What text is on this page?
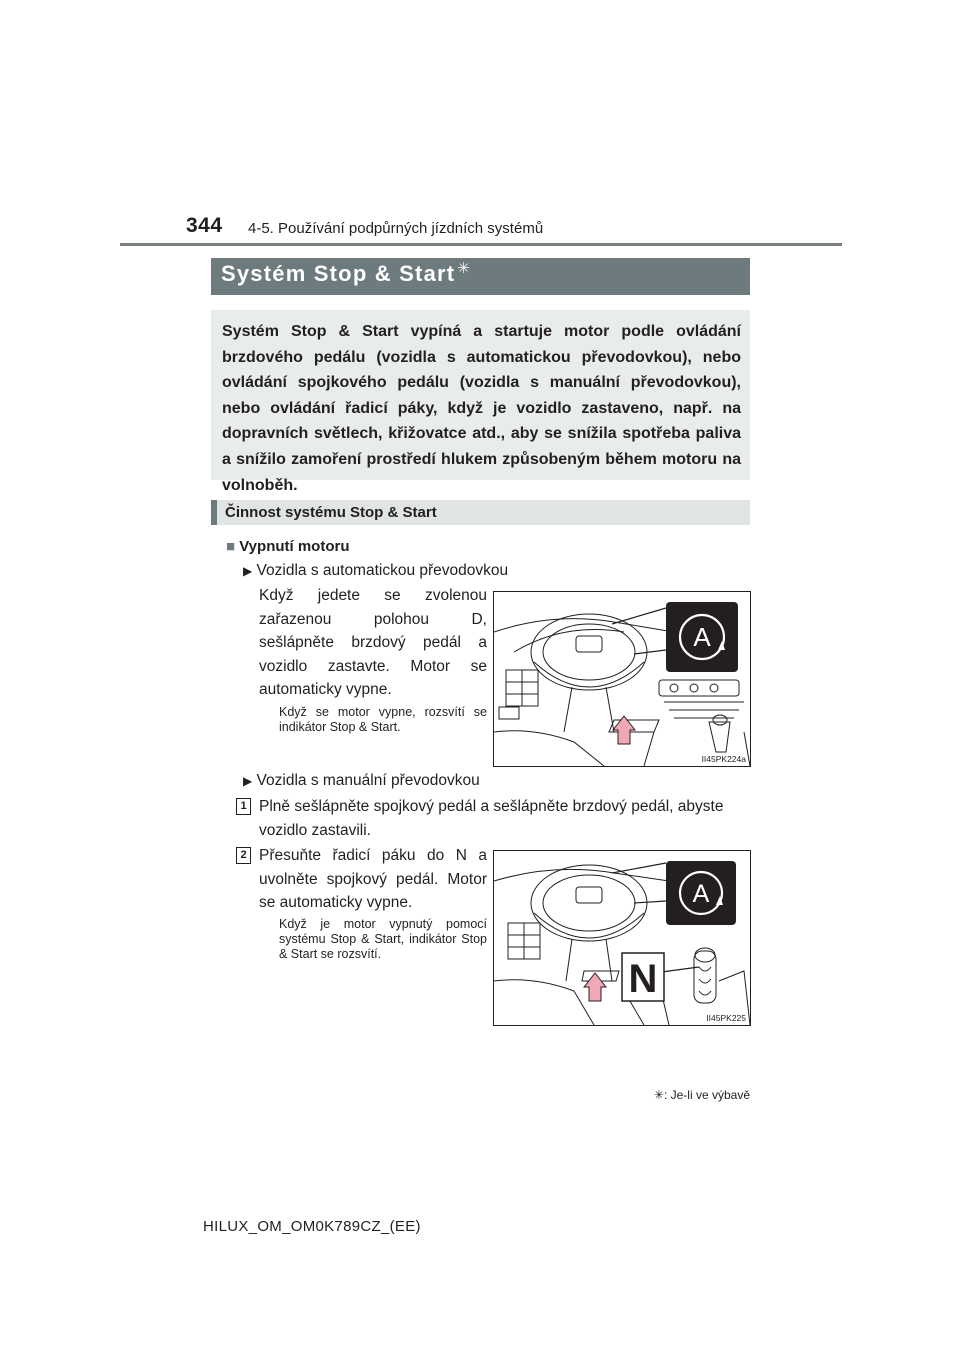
344 4-5. Používání podpůrných jízdních systémů
Systém Stop & Start ✳
Systém Stop & Start vypíná a startuje motor podle ovládání brzdového pedálu (vozidla s automatickou převodovkou), nebo ovládání spojkového pedálu (vozidla s manuální převodovkou), nebo ovládání řadicí páky, když je vozidlo zastaveno, např. na dopravních světlech, křižovatce atd., aby se snížila spotřeba paliva a snížilo zamoření prostředí hlukem způsobeným během motoru na volnoběh.
Činnost systému Stop & Start
■ Vypnutí motoru
▶ Vozidla s automatickou převodovkou
Když jedete se zvolenou zařazenou polohou D, sešlápněte brzdový pedál a vozidlo zastavte. Motor se automaticky vypne.
Když se motor vypne, rozsvítí se indikátor Stop & Start.
A
II45PK224a
▶ Vozidla s manuální převodovkou
1 Plně sešlápněte spojkový pedál a sešlápněte brzdový pedál, abyste vozidlo zastavili.
2 Přesuňte řadicí páku do N a uvolněte spojkový pedál. Motor se automaticky vypne.
Když je motor vypnutý pomocí systému Stop & Start, indikátor Stop & Start se rozsvítí.
A
N
II45PK225
✳: Je-li ve výbavě
HILUX_OM_OM0K789CZ_(EE)
